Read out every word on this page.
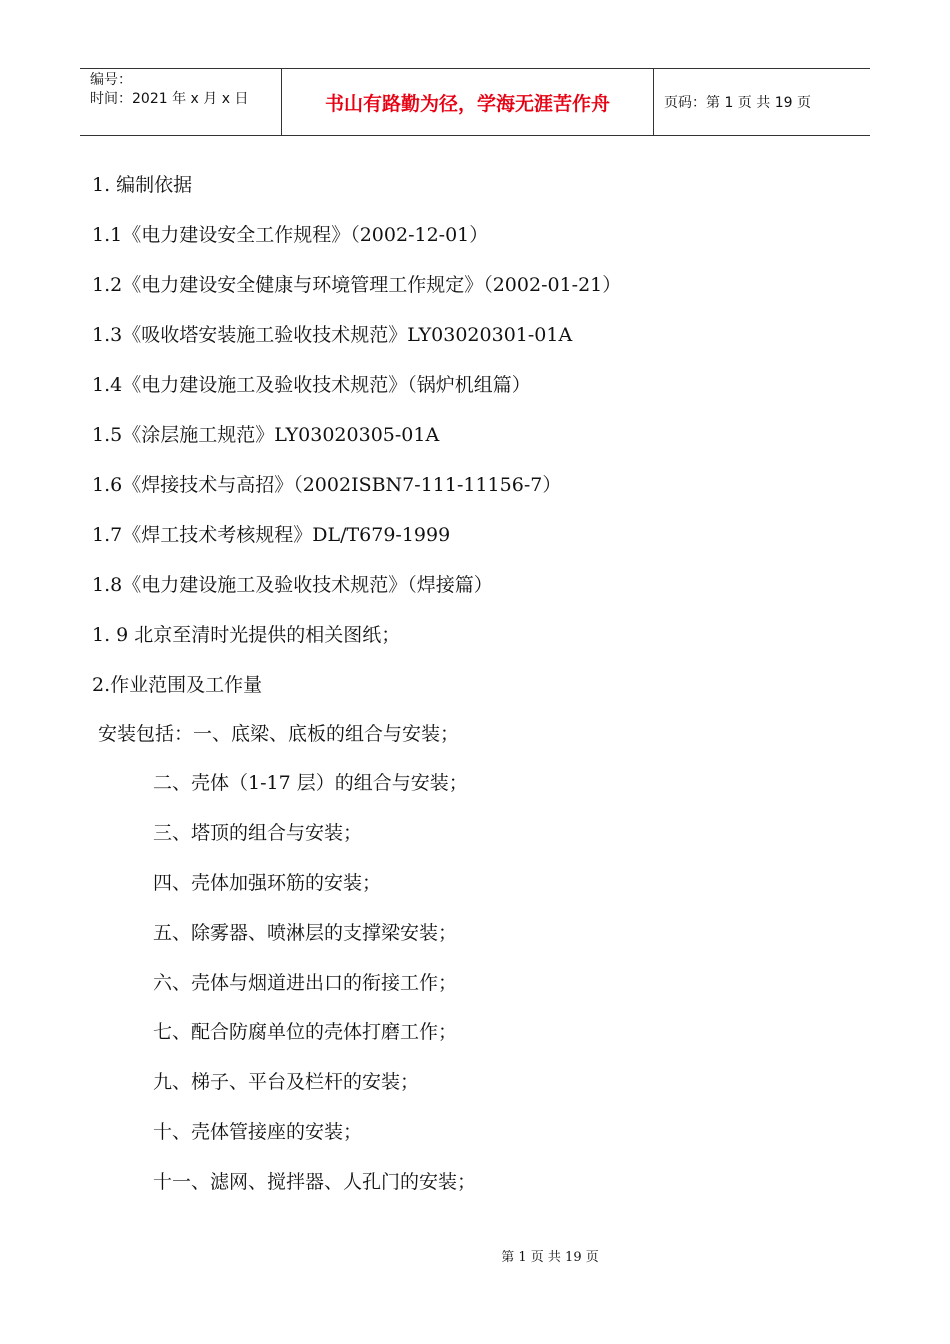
编号：
时间：2021 年 x 月 x 日	书山有路勤为径，学海无涯苦作舟	页码：第 1 页 共 19 页
1. 编制依据
1.1《电力建设安全工作规程》（2002-12-01）
1.2《电力建设安全健康与环境管理工作规定》（2002-01-21）
1.3《吸收塔安装施工验收技术规范》LY03020301-01A
1.4《电力建设施工及验收技术规范》（锅炉机组篇）
1.5《涂层施工规范》LY03020305-01A
1.6《焊接技术与高招》（2002ISBN7-111-11156-7）
1.7《焊工技术考核规程》DL/T679-1999
1.8《电力建设施工及验收技术规范》（焊接篇）
1. 9 北京至清时光提供的相关图纸；
2.作业范围及工作量
安装包括：一、底梁、底板的组合与安装；
二、壳体（1-17 层）的组合与安装；
三、塔顶的组合与安装；
四、壳体加强环筋的安装；
五、除雾器、喷淋层的支撑梁安装；
六、壳体与烟道进出口的衔接工作；
七、配合防腐单位的壳体打磨工作；
九、梯子、平台及栏杆的安装；
十、壳体管接座的安装；
十一、滤网、搅拌器、人孔门的安装；
第 1 页 共 19 页
